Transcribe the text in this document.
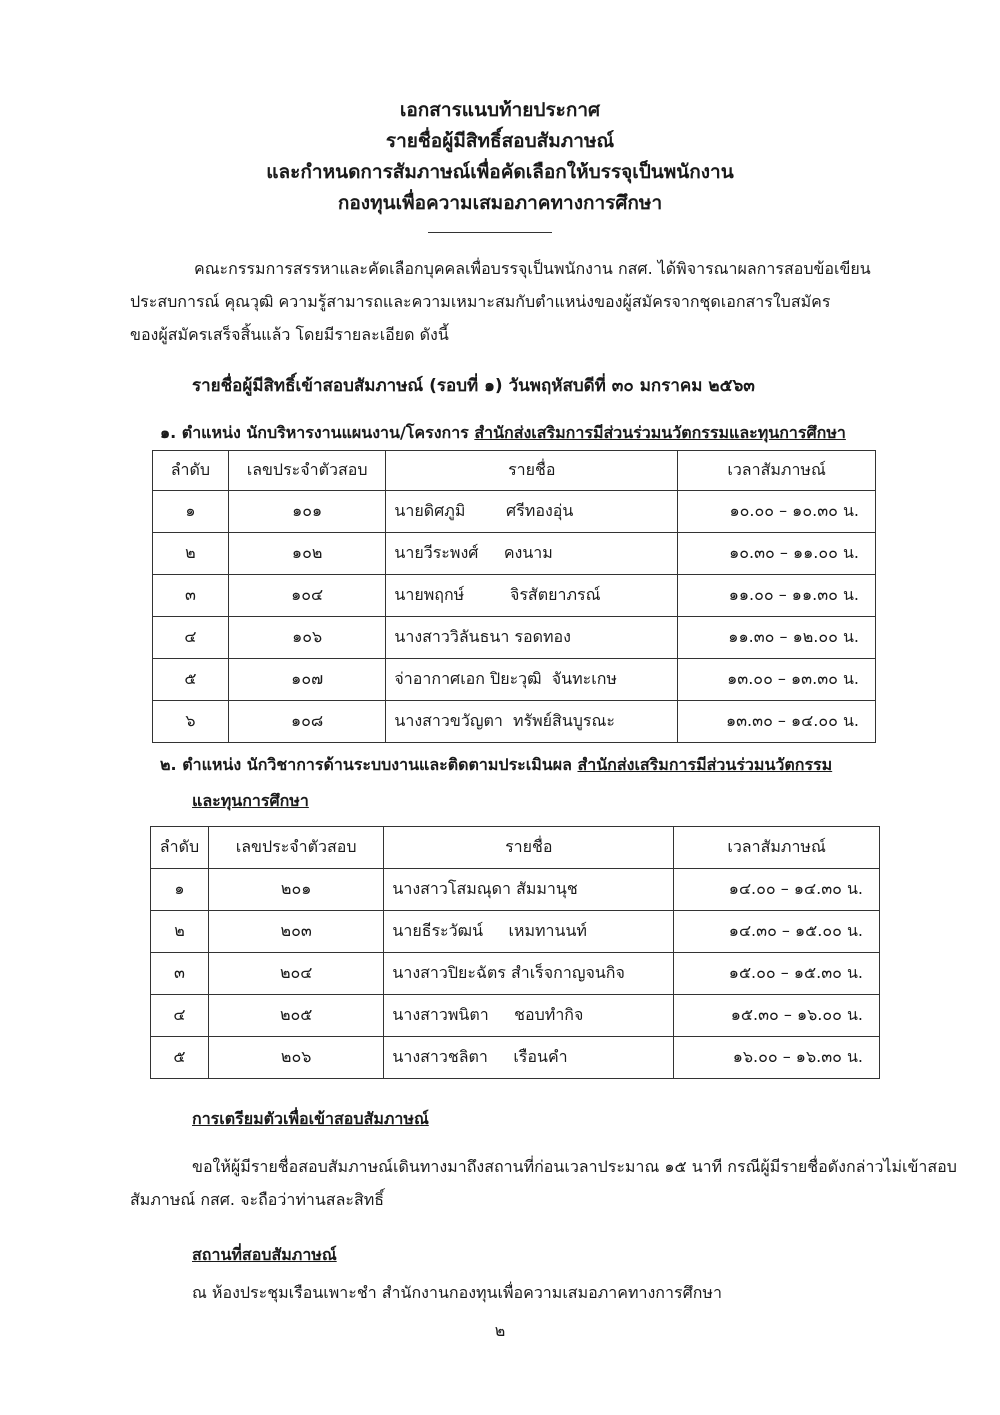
เอกสารแนบท้ายประกาศ
รายชื่อผู้มีสิทธิ์สอบสัมภาษณ์
และกำหนดการสัมภาษณ์เพื่อคัดเลือกให้บรรจุเป็นพนักงาน
กองทุนเพื่อความเสมอภาคทางการศึกษา
คณะกรรมการสรรหาและคัดเลือกบุคคลเพื่อบรรจุเป็นพนักงาน กสศ. ได้พิจารณาผลการสอบข้อเขียน
ประสบการณ์ คุณวุฒิ ความรู้สามารถและความเหมาะสมกับตำแหน่งของผู้สมัครจากชุดเอกสารใบสมัคร
ของผู้สมัครเสร็จสิ้นแล้ว โดยมีรายละเอียด ดังนี้
รายชื่อผู้มีสิทธิ์เข้าสอบสัมภาษณ์ (รอบที่ ๑) วันพฤหัสบดีที่ ๓๐ มกราคม ๒๕๖๓
๑. ตำแหน่ง นักบริหารงานแผนงาน/โครงการ สำนักส่งเสริมการมีส่วนร่วมนวัตกรรมและทุนการศึกษา
ลำดับ	เลขประจำตัวสอบ	รายชื่อ	เวลาสัมภาษณ์
๑	๑๐๑	นายดิศภูมิ        ศรีทองอุ่น	๑๐.๐๐ – ๑๐.๓๐ น.
๒	๑๐๒	นายวีระพงศ์     คงนาม	๑๐.๓๐ – ๑๑.๐๐ น.
๓	๑๐๔	นายพฤกษ์         จิรสัตยาภรณ์	๑๑.๐๐ – ๑๑.๓๐ น.
๔	๑๐๖	นางสาววิลันธนา รอดทอง	๑๑.๓๐ – ๑๒.๐๐ น.
๕	๑๐๗	จ่าอากาศเอก ปิยะวุฒิ  จันทะเกษ	๑๓.๐๐ – ๑๓.๓๐ น.
๖	๑๐๘	นางสาวขวัญตา  ทรัพย์สินบูรณะ	๑๓.๓๐ – ๑๔.๐๐ น.
๒. ตำแหน่ง นักวิชาการด้านระบบงานและติดตามประเมินผล สำนักส่งเสริมการมีส่วนร่วมนวัตกรรม
และทุนการศึกษา
ลำดับ	เลขประจำตัวสอบ	รายชื่อ	เวลาสัมภาษณ์
๑	๒๐๑	นางสาวโสมณุดา สัมมานุช	๑๔.๐๐ – ๑๔.๓๐ น.
๒	๒๐๓	นายธีระวัฒน์     เหมทานนท์	๑๔.๓๐ – ๑๕.๐๐ น.
๓	๒๐๔	นางสาวปิยะฉัตร สำเร็จกาญจนกิจ	๑๕.๐๐ – ๑๕.๓๐ น.
๔	๒๐๕	นางสาวพนิตา     ชอบทำกิจ	๑๕.๓๐ – ๑๖.๐๐ น.
๕	๒๐๖	นางสาวชลิตา     เรือนคำ	๑๖.๐๐ – ๑๖.๓๐ น.
การเตรียมตัวเพื่อเข้าสอบสัมภาษณ์
ขอให้ผู้มีรายชื่อสอบสัมภาษณ์เดินทางมาถึงสถานที่ก่อนเวลาประมาณ ๑๕ นาที กรณีผู้มีรายชื่อดังกล่าวไม่เข้าสอบ
สัมภาษณ์ กสศ. จะถือว่าท่านสละสิทธิ์
สถานที่สอบสัมภาษณ์
ณ ห้องประชุมเรือนเพาะชำ สำนักงานกองทุนเพื่อความเสมอภาคทางการศึกษา
๒
